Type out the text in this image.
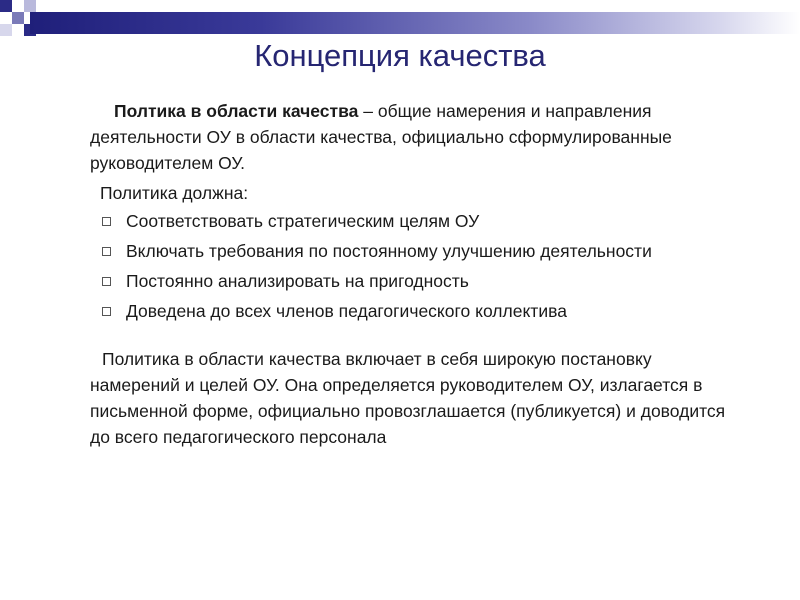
Концепция качества

Полтика в области качества – общие намерения и направления деятельности ОУ в области качества, официально сформулированные руководителем ОУ.

Политика должна:

Соответствовать стратегическим целям ОУ
Включать требования по постоянному улучшению деятельности
Постоянно анализировать на пригодность
Доведена до всех членов педагогического коллектива

Политика в области качества включает в себя широкую постановку намерений и целей ОУ. Она определяется руководителем ОУ, излагается в письменной форме, официально провозглашается (публикуется) и доводится до всего педагогического персонала
